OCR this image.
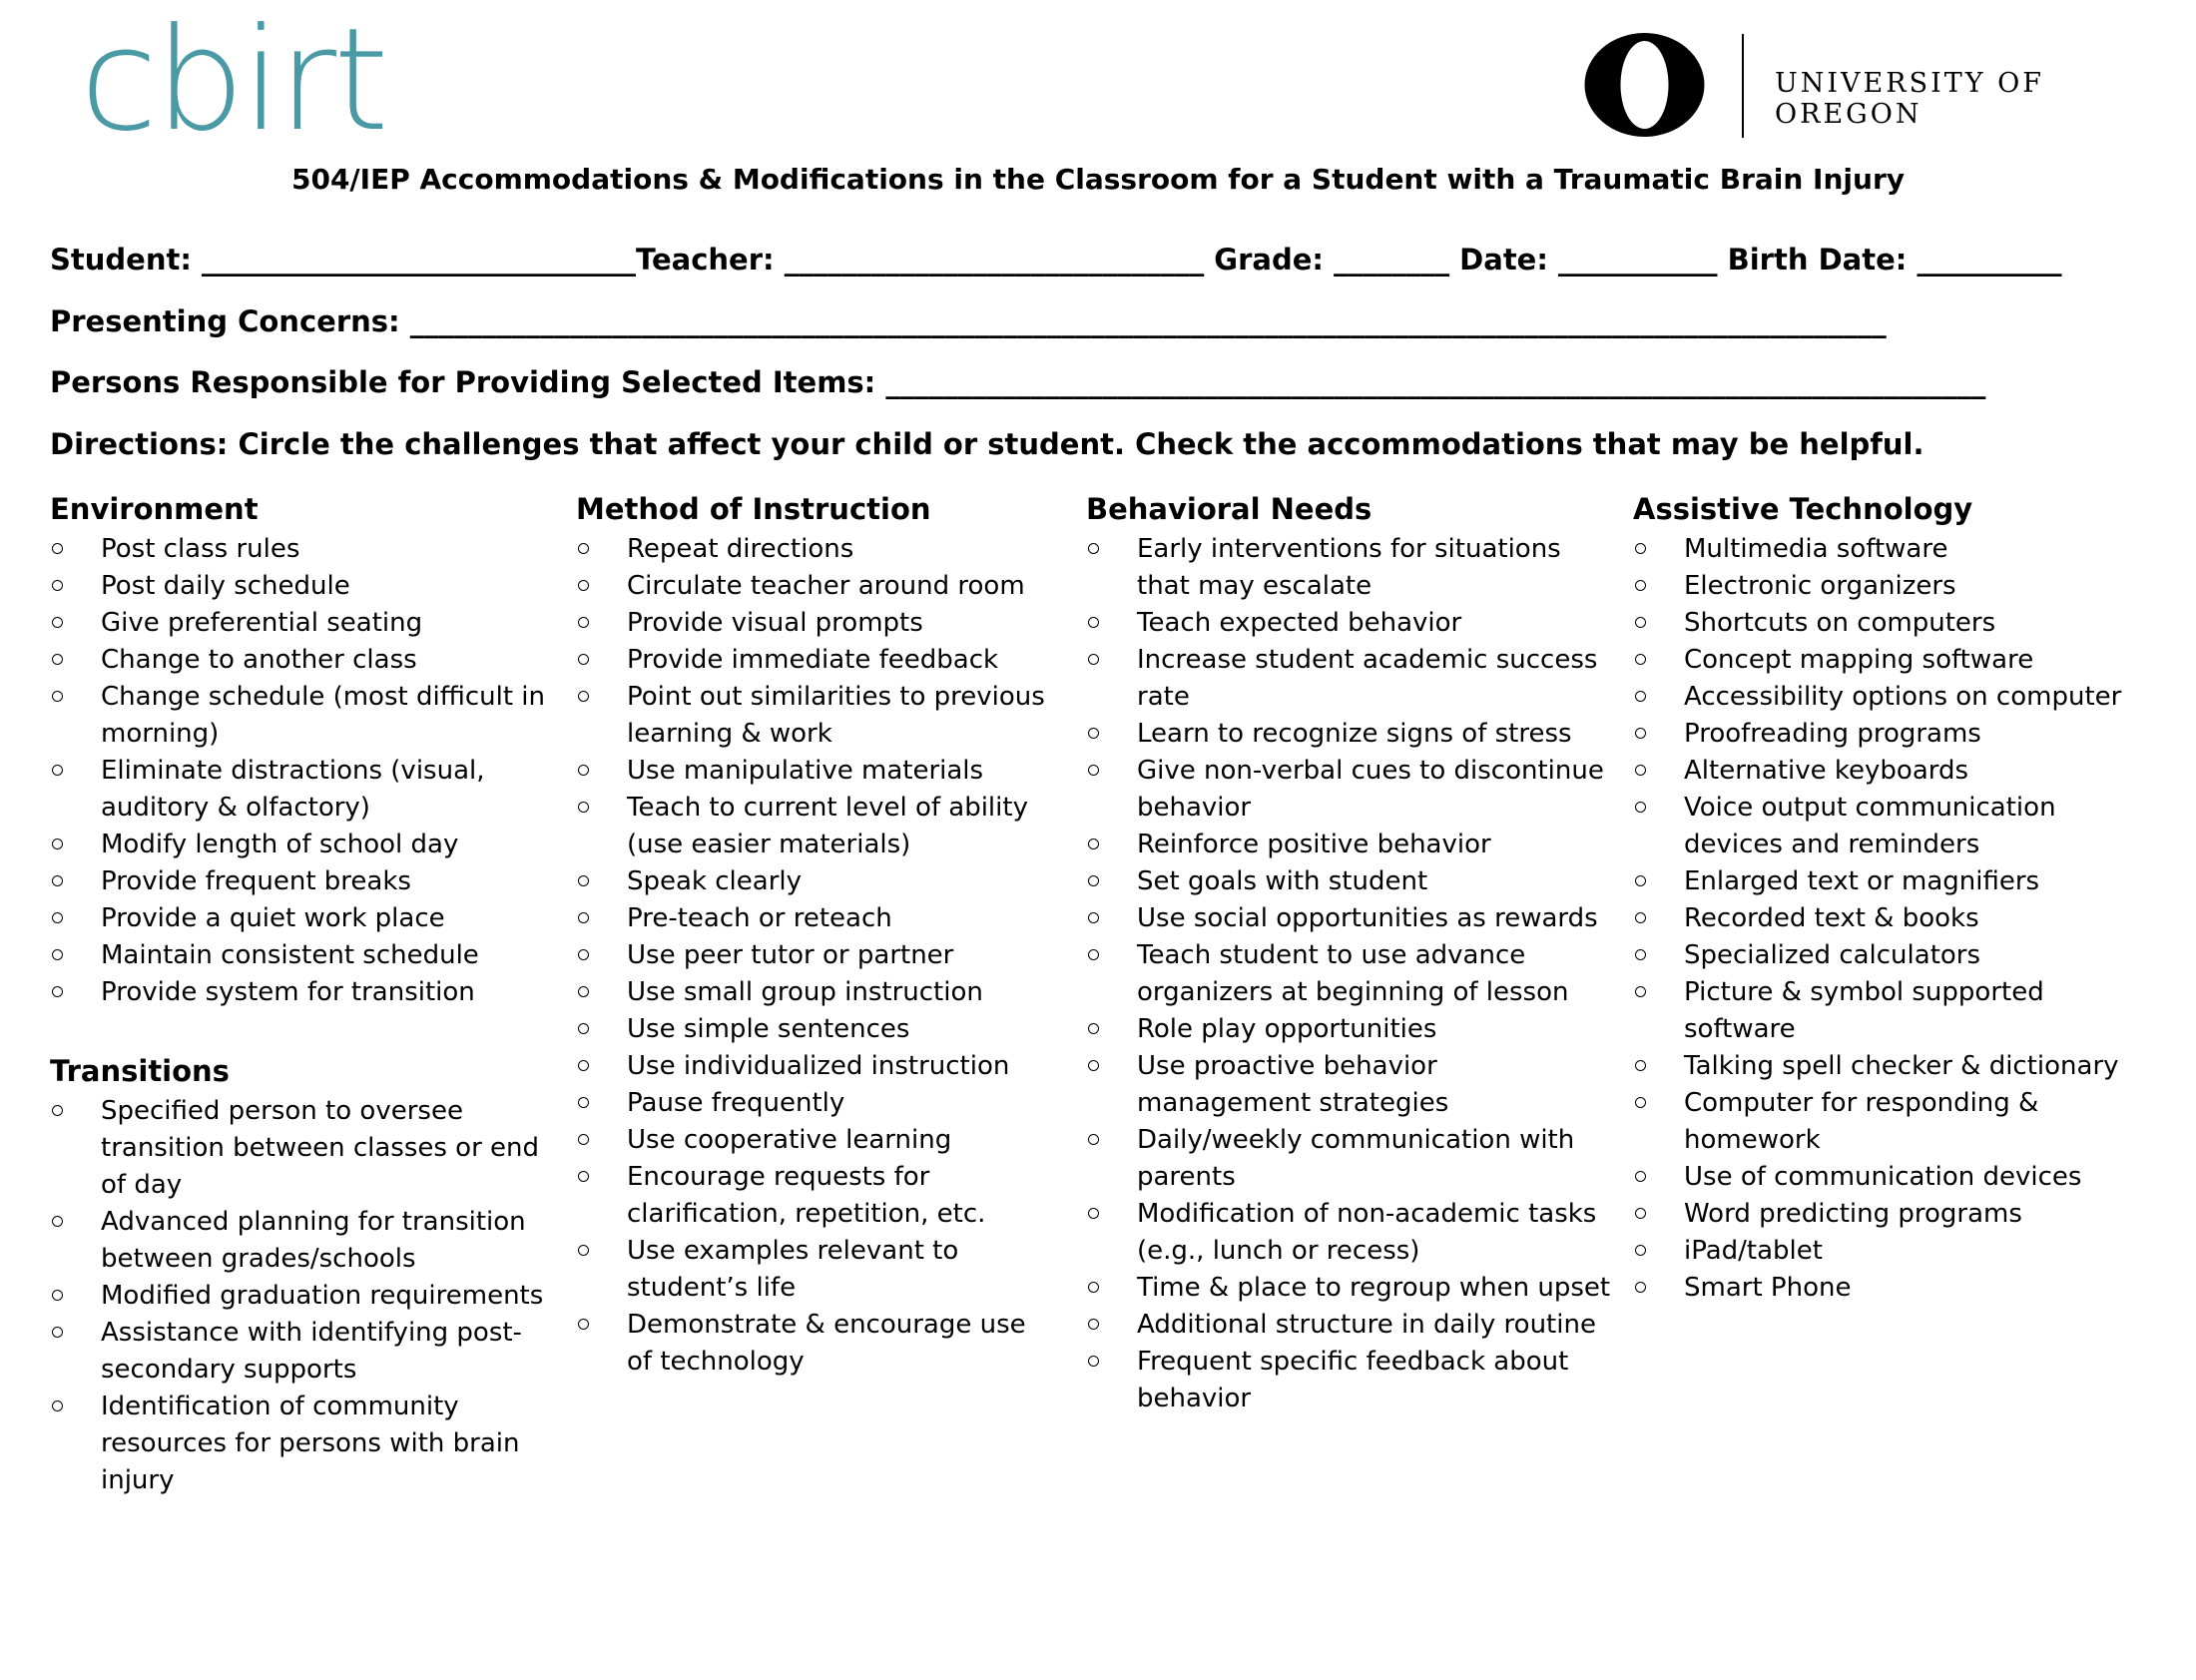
cbirt	UNIVERSITY OF OREGON
504/IEP Accommodations & Modifications in the Classroom for a Student with a Traumatic Brain Injury
Student: ______________________________Teacher: _____________________________ Grade: ________ Date: ___________ Birth Date: __________
Presenting Concerns: ______________________________________________________________________________________________________
Persons Responsible for Providing Selected Items: ____________________________________________________________________________
Directions: Circle the challenges that affect your child or student. Check the accommodations that may be helpful.
Environment
Post class rules
Post daily schedule
Give preferential seating
Change to another class
Change schedule (most difficult in morning)
Eliminate distractions (visual, auditory & olfactory)
Modify length of school day
Provide frequent breaks
Provide a quiet work place
Maintain consistent schedule
Provide system for transition
Transitions
Specified person to oversee transition between classes or end of day
Advanced planning for transition between grades/schools
Modified graduation requirements
Assistance with identifying post-secondary supports
Identification of community resources for persons with brain injury
Method of Instruction
Repeat directions
Circulate teacher around room
Provide visual prompts
Provide immediate feedback
Point out similarities to previous learning & work
Use manipulative materials
Teach to current level of ability (use easier materials)
Speak clearly
Pre-teach or reteach
Use peer tutor or partner
Use small group instruction
Use simple sentences
Use individualized instruction
Pause frequently
Use cooperative learning
Encourage requests for clarification, repetition, etc.
Use examples relevant to student’s life
Demonstrate & encourage use of technology
Behavioral Needs
Early interventions for situations that may escalate
Teach expected behavior
Increase student academic success rate
Learn to recognize signs of stress
Give non-verbal cues to discontinue behavior
Reinforce positive behavior
Set goals with student
Use social opportunities as rewards
Teach student to use advance organizers at beginning of lesson
Role play opportunities
Use proactive behavior management strategies
Daily/weekly communication with parents
Modification of non-academic tasks (e.g., lunch or recess)
Time & place to regroup when upset
Additional structure in daily routine
Frequent specific feedback about behavior
Assistive Technology
Multimedia software
Electronic organizers
Shortcuts on computers
Concept mapping software
Accessibility options on computer
Proofreading programs
Alternative keyboards
Voice output communication devices and reminders
Enlarged text or magnifiers
Recorded text & books
Specialized calculators
Picture & symbol supported software
Talking spell checker & dictionary
Computer for responding & homework
Use of communication devices
Word predicting programs
iPad/tablet
Smart Phone
